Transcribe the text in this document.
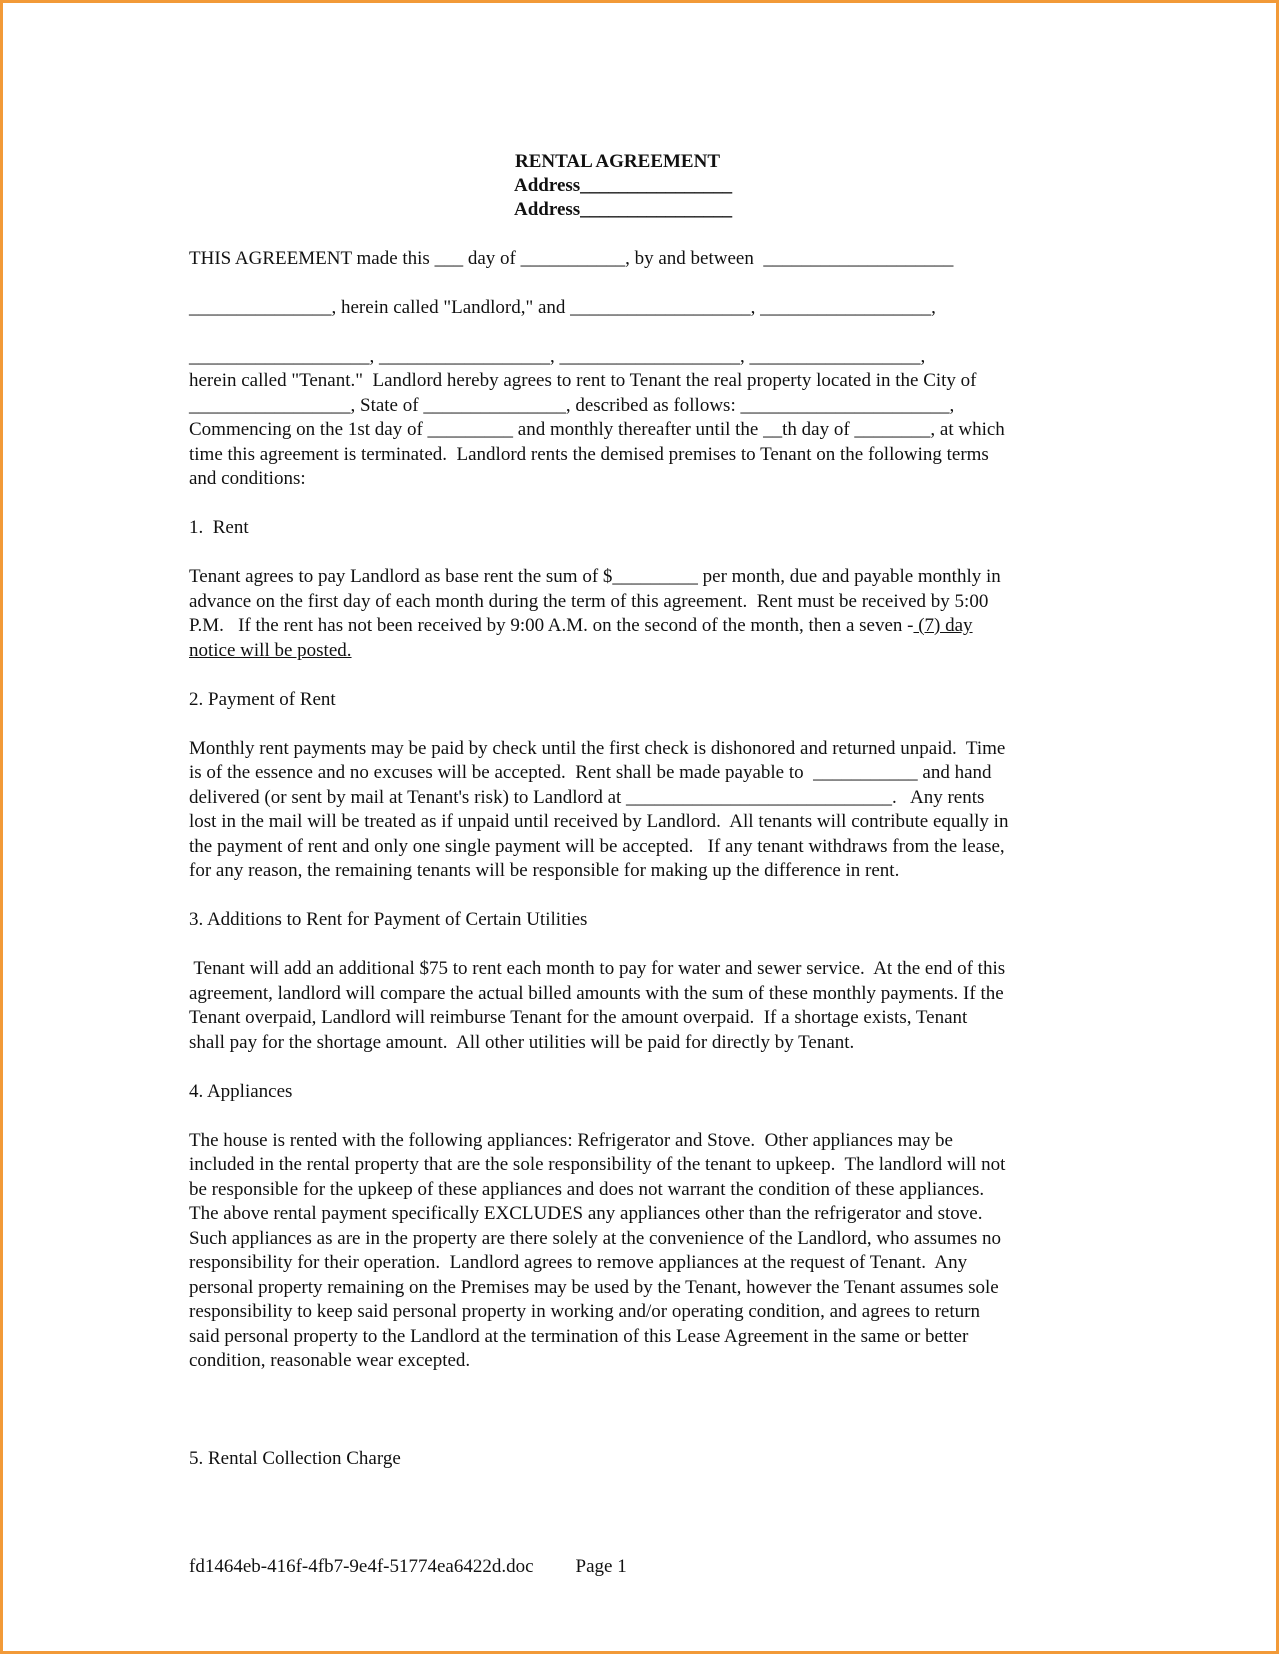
RENTAL AGREEMENT
Address________________
Address________________

THIS AGREEMENT made this ___ day of ___________, by and between  ____________________

_______________, herein called "Landlord," and ___________________, __________________,

___________________, __________________, ___________________, __________________,

herein called "Tenant."  Landlord hereby agrees to rent to Tenant the real property located in the City of

_________________, State of _______________, described as follows: ______________________,

Commencing on the 1st day of _________ and monthly thereafter until the __th day of ________, at which

time this agreement is terminated.  Landlord rents the demised premises to Tenant on the following terms

and conditions:

1.  Rent

Tenant agrees to pay Landlord as base rent the sum of $_________ per month, due and payable monthly in

advance on the first day of each month during the term of this agreement.  Rent must be received by 5:00

P.M.   If the rent has not been received by 9:00 A.M. on the second of the month, then a seven - (7) day

notice will be posted.

2. Payment of Rent

Monthly rent payments may be paid by check until the first check is dishonored and returned unpaid.  Time

is of the essence and no excuses will be accepted.  Rent shall be made payable to  ___________ and hand

delivered (or sent by mail at Tenant's risk) to Landlord at ____________________________.   Any rents

lost in the mail will be treated as if unpaid until received by Landlord.  All tenants will contribute equally in

the payment of rent and only one single payment will be accepted.   If any tenant withdraws from the lease,

for any reason, the remaining tenants will be responsible for making up the difference in rent.

3. Additions to Rent for Payment of Certain Utilities

Tenant will add an additional $75 to rent each month to pay for water and sewer service.  At the end of this

agreement, landlord will compare the actual billed amounts with the sum of these monthly payments. If the

Tenant overpaid, Landlord will reimburse Tenant for the amount overpaid.  If a shortage exists, Tenant

shall pay for the shortage amount.  All other utilities will be paid for directly by Tenant.

4. Appliances

The house is rented with the following appliances: Refrigerator and Stove.  Other appliances may be

included in the rental property that are the sole responsibility of the tenant to upkeep.  The landlord will not

be responsible for the upkeep of these appliances and does not warrant the condition of these appliances.

The above rental payment specifically EXCLUDES any appliances other than the refrigerator and stove.

Such appliances as are in the property are there solely at the convenience of the Landlord, who assumes no

responsibility for their operation.  Landlord agrees to remove appliances at the request of Tenant.  Any

personal property remaining on the Premises may be used by the Tenant, however the Tenant assumes sole

responsibility to keep said personal property in working and/or operating condition, and agrees to return

said personal property to the Landlord at the termination of this Lease Agreement in the same or better

condition, reasonable wear excepted.

5. Rental Collection Charge

fd1464eb-416f-4fb7-9e4f-51774ea6422d.doc Page 1
